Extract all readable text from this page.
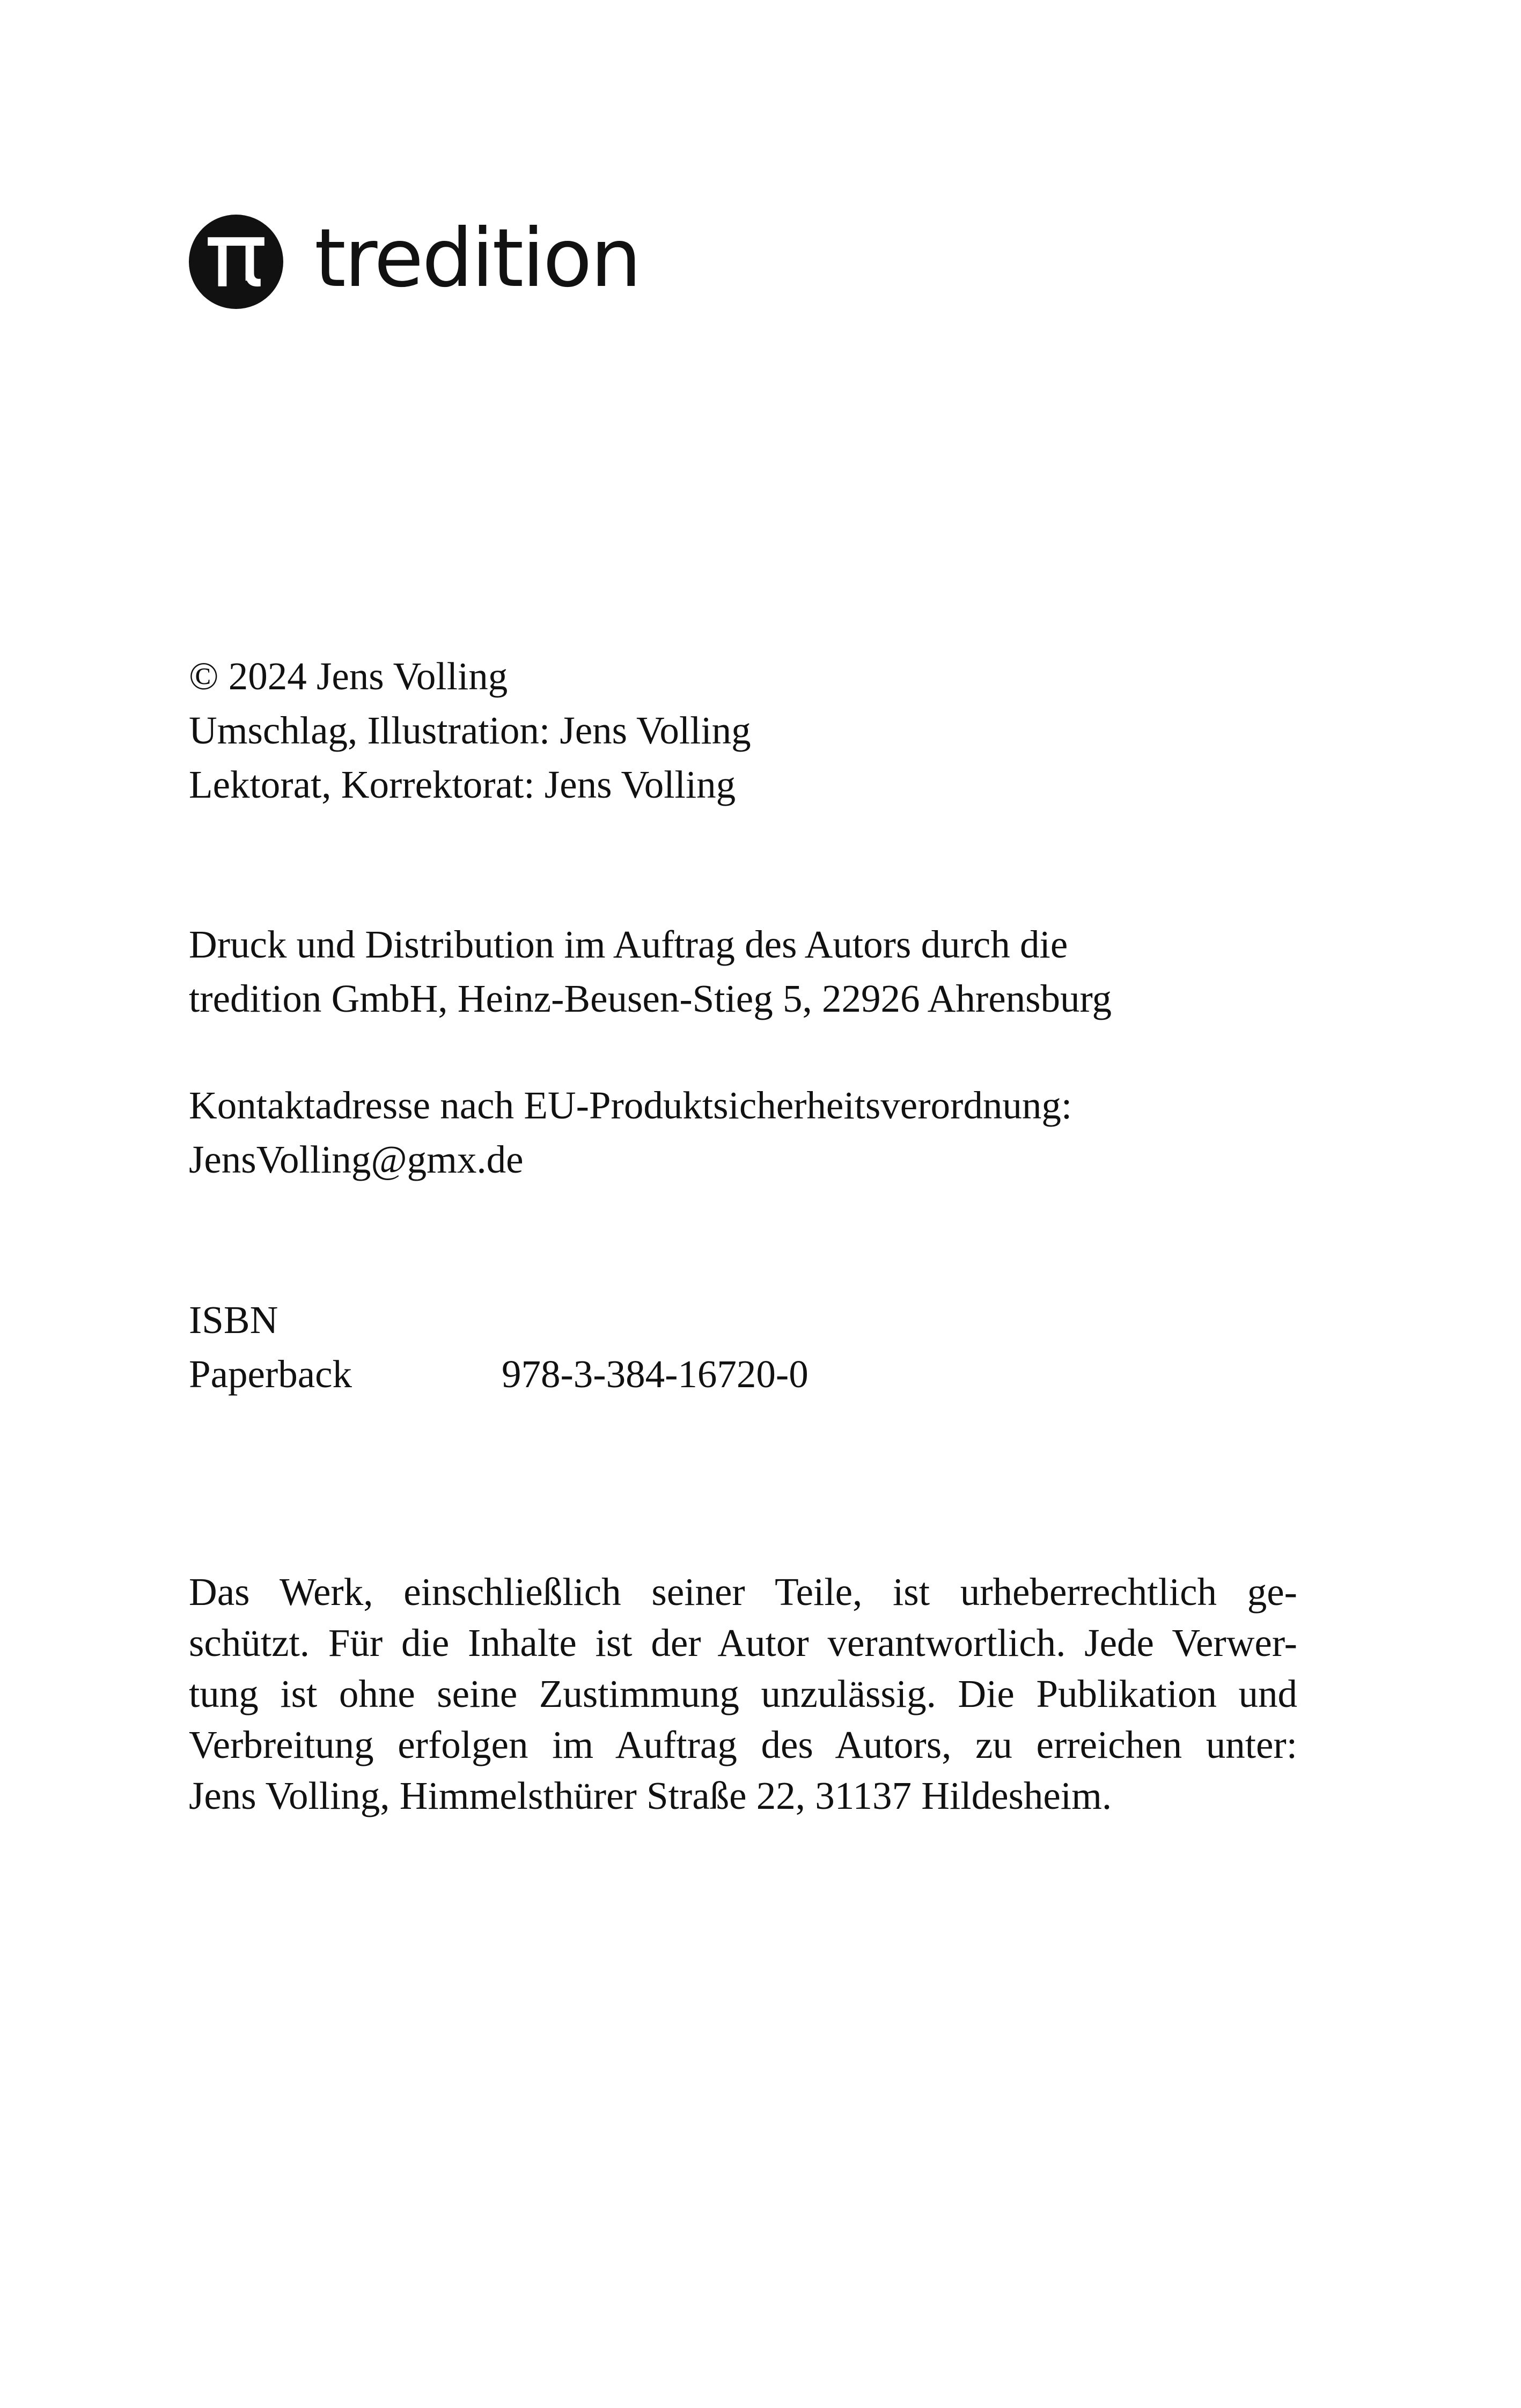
tredition
© 2024 Jens Volling
Umschlag, Illustration: Jens Volling
Lektorat, Korrektorat: Jens Volling
Druck und Distribution im Auftrag des Autors durch die
tredition GmbH, Heinz-Beusen-Stieg 5, 22926 Ahrensburg
Kontaktadresse nach EU-Produktsicherheitsverordnung:
JensVolling@gmx.de
ISBN
Paperback	978-3-384-16720-0
Das Werk, einschließlich seiner Teile, ist urheberrechtlich ge-
schützt. Für die Inhalte ist der Autor verantwortlich. Jede Verwer-
tung ist ohne seine Zustimmung unzulässig. Die Publikation und
Verbreitung erfolgen im Auftrag des Autors, zu erreichen unter:
Jens Volling, Himmelsthürer Straße 22, 31137 Hildesheim.
